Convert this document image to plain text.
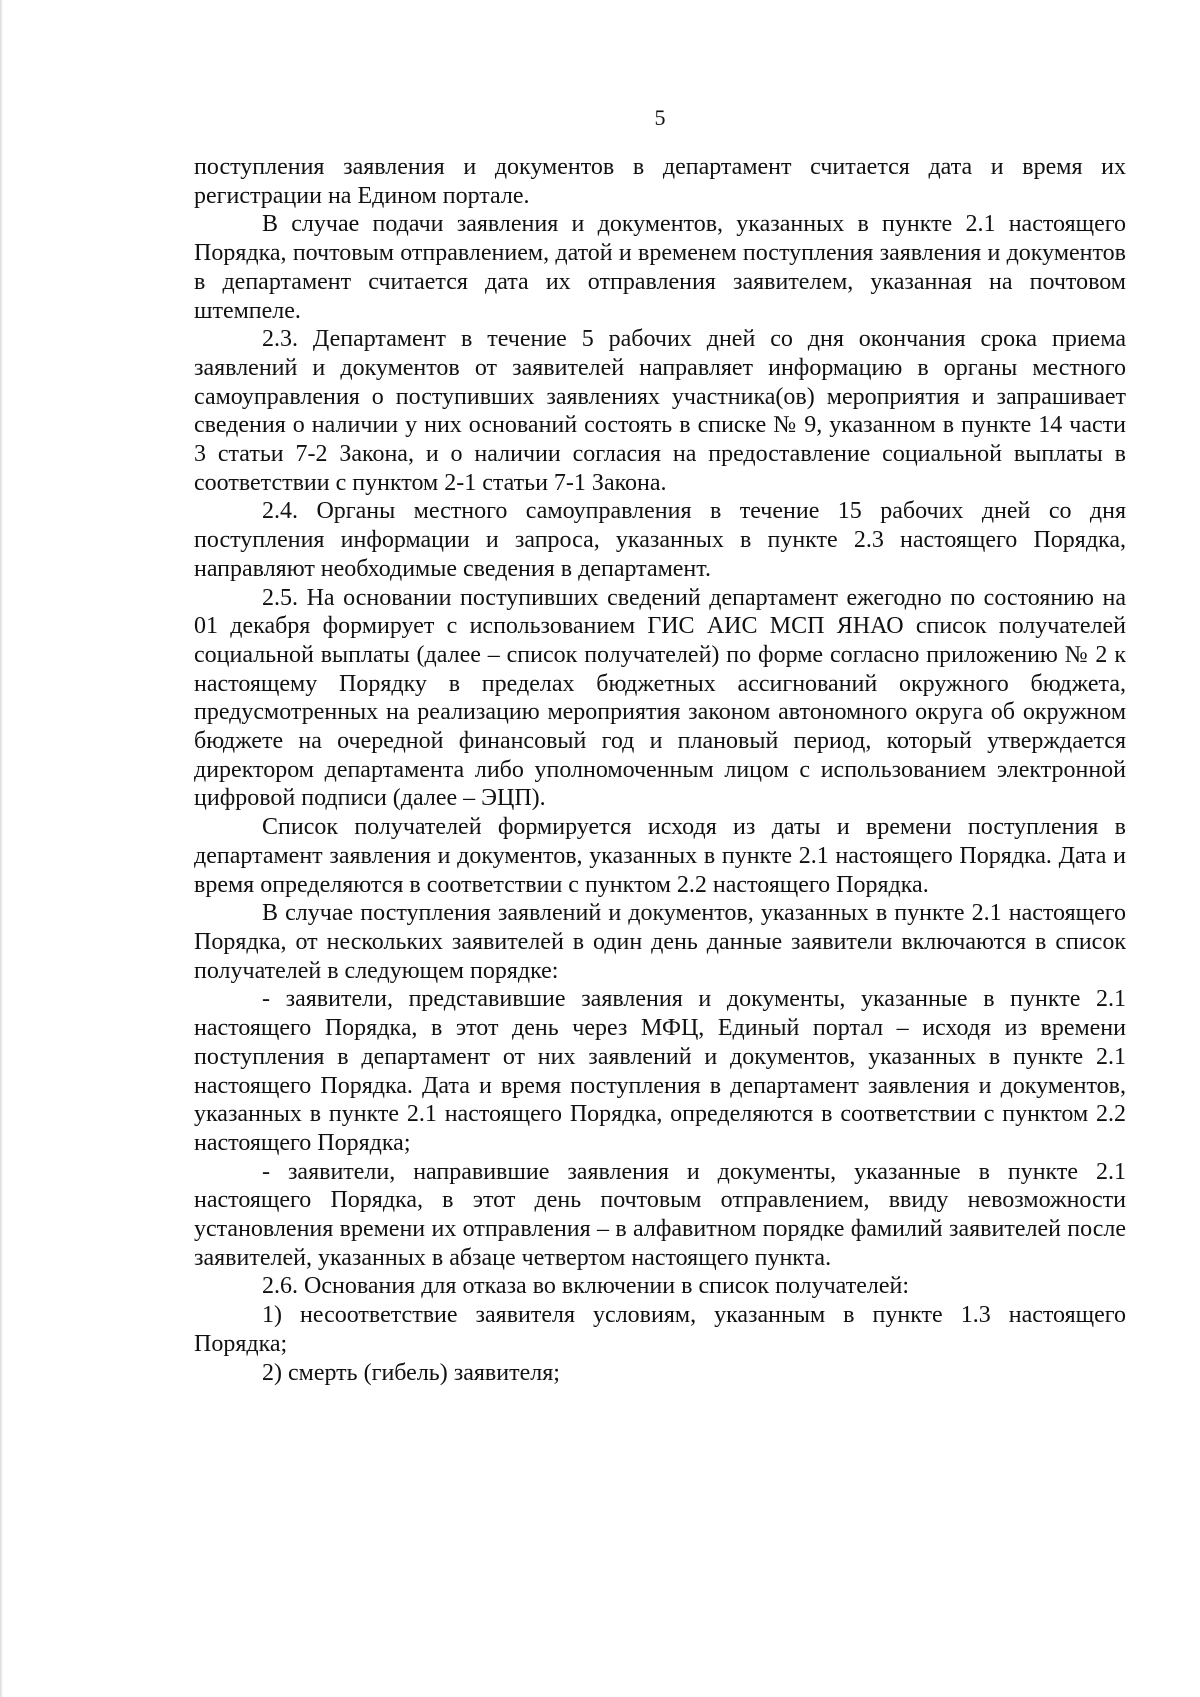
5

поступления заявления и документов в департамент считается дата и время их регистрации на Едином портале.

В случае подачи заявления и документов, указанных в пункте 2.1 настоящего Порядка, почтовым отправлением, датой и временем поступления заявления и документов в департамент считается дата их отправления заявителем, указанная на почтовом штемпеле.

2.3. Департамент в течение 5 рабочих дней со дня окончания срока приема заявлений и документов от заявителей направляет информацию в органы местного самоуправления о поступивших заявлениях участника(ов) мероприятия и запрашивает сведения о наличии у них оснований состоять в списке № 9, указанном в пункте 14 части 3 статьи 7-2 Закона, и о наличии согласия на предоставление социальной выплаты в соответствии с пунктом 2-1 статьи 7-1 Закона.

2.4. Органы местного самоуправления в течение 15 рабочих дней со дня поступления информации и запроса, указанных в пункте 2.3 настоящего Порядка, направляют необходимые сведения в департамент.

2.5. На основании поступивших сведений департамент ежегодно по состоянию на 01 декабря формирует с использованием ГИС АИС МСП ЯНАО список получателей социальной выплаты (далее – список получателей) по форме согласно приложению № 2 к настоящему Порядку в пределах бюджетных ассигнований окружного бюджета, предусмотренных на реализацию мероприятия законом автономного округа об окружном бюджете на очередной финансовый год и плановый период, который утверждается директором департамента либо уполномоченным лицом с использованием электронной цифровой подписи (далее – ЭЦП).

Список получателей формируется исходя из даты и времени поступления в департамент заявления и документов, указанных в пункте 2.1 настоящего Порядка. Дата и время определяются в соответствии с пунктом 2.2 настоящего Порядка.

В случае поступления заявлений и документов, указанных в пункте 2.1 настоящего Порядка, от нескольких заявителей в один день данные заявители включаются в список получателей в следующем порядке:

- заявители, представившие заявления и документы, указанные в пункте 2.1 настоящего Порядка, в этот день через МФЦ, Единый портал – исходя из времени поступления в департамент от них заявлений и документов, указанных в пункте 2.1 настоящего Порядка. Дата и время поступления в департамент заявления и документов, указанных в пункте 2.1 настоящего Порядка, определяются в соответствии с пунктом 2.2 настоящего Порядка;

- заявители, направившие заявления и документы, указанные в пункте 2.1 настоящего Порядка, в этот день почтовым отправлением, ввиду невозможности установления времени их отправления – в алфавитном порядке фамилий заявителей после заявителей, указанных в абзаце четвертом настоящего пункта.

2.6. Основания для отказа во включении в список получателей:

1) несоответствие заявителя условиям, указанным в пункте 1.3 настоящего Порядка;

2) смерть (гибель) заявителя;
